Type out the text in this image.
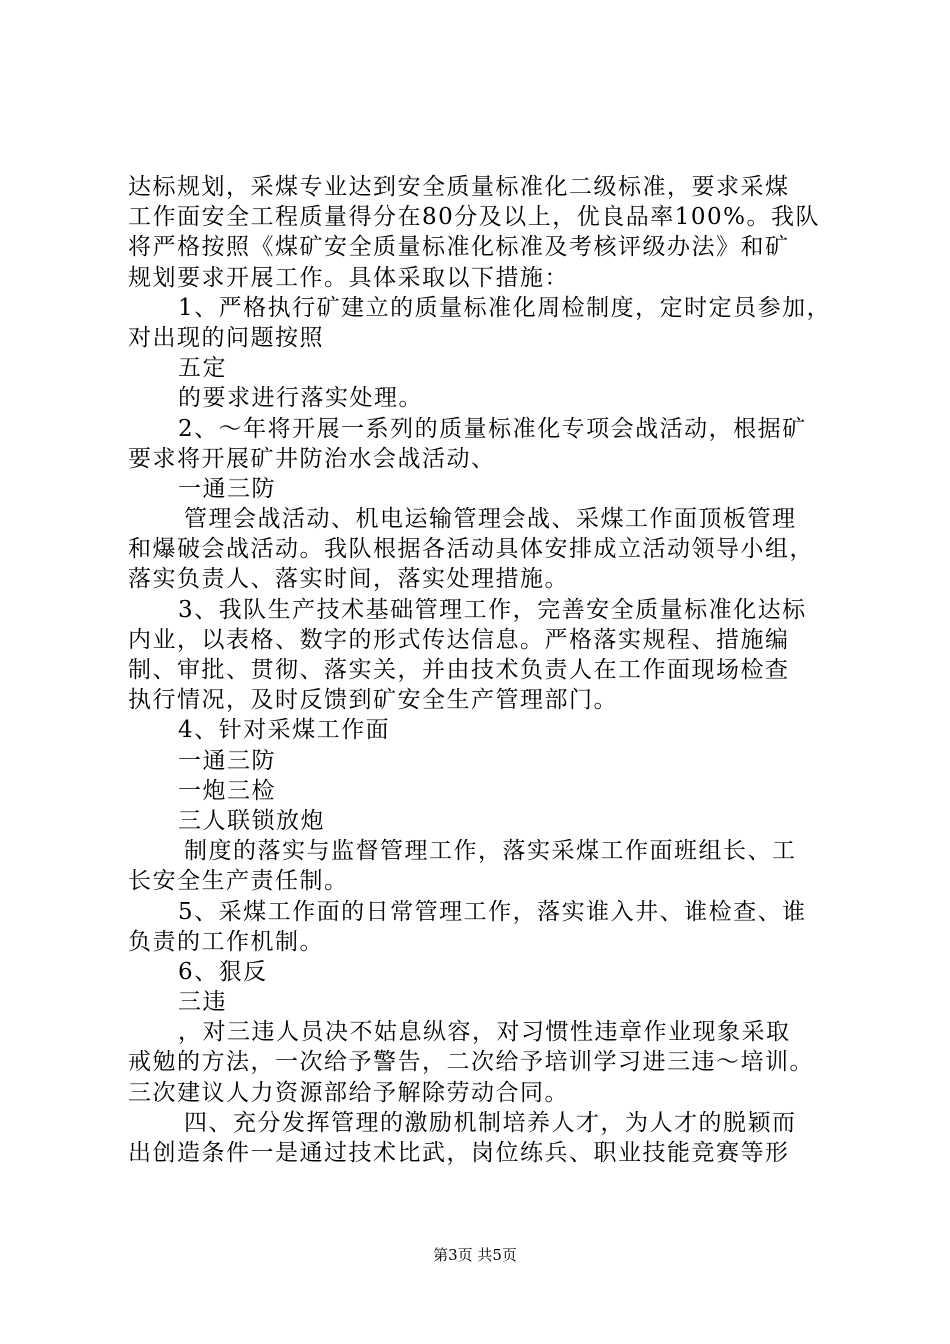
达标规划，采煤专业达到安全质量标准化二级标准，要求采煤
工作面安全工程质量得分在80分及以上，优良品率100%。我队
将严格按照《煤矿安全质量标准化标准及考核评级办法》和矿
规划要求开展工作。具体采取以下措施：
1、严格执行矿建立的质量标准化周检制度，定时定员参加，
对出现的问题按照
五定
的要求进行落实处理。
2、～年将开展一系列的质量标准化专项会战活动，根据矿
要求将开展矿井防治水会战活动、
一通三防
管理会战活动、机电运输管理会战、采煤工作面顶板管理
和爆破会战活动。我队根据各活动具体安排成立活动领导小组，
落实负责人、落实时间，落实处理措施。
3、我队生产技术基础管理工作，完善安全质量标准化达标
内业，以表格、数字的形式传达信息。严格落实规程、措施编
制、审批、贯彻、落实关，并由技术负责人在工作面现场检查
执行情况，及时反馈到矿安全生产管理部门。
4、针对采煤工作面
一通三防
一炮三检
三人联锁放炮
制度的落实与监督管理工作，落实采煤工作面班组长、工
长安全生产责任制。
5、采煤工作面的日常管理工作，落实谁入井、谁检查、谁
负责的工作机制。
6、狠反
三违
，对三违人员决不姑息纵容，对习惯性违章作业现象采取
戒勉的方法，一次给予警告，二次给予培训学习进三违～培训。
三次建议人力资源部给予解除劳动合同。
四、充分发挥管理的激励机制培养人才，为人才的脱颖而
出创造条件一是通过技术比武，岗位练兵、职业技能竞赛等形
第3页 共5页
